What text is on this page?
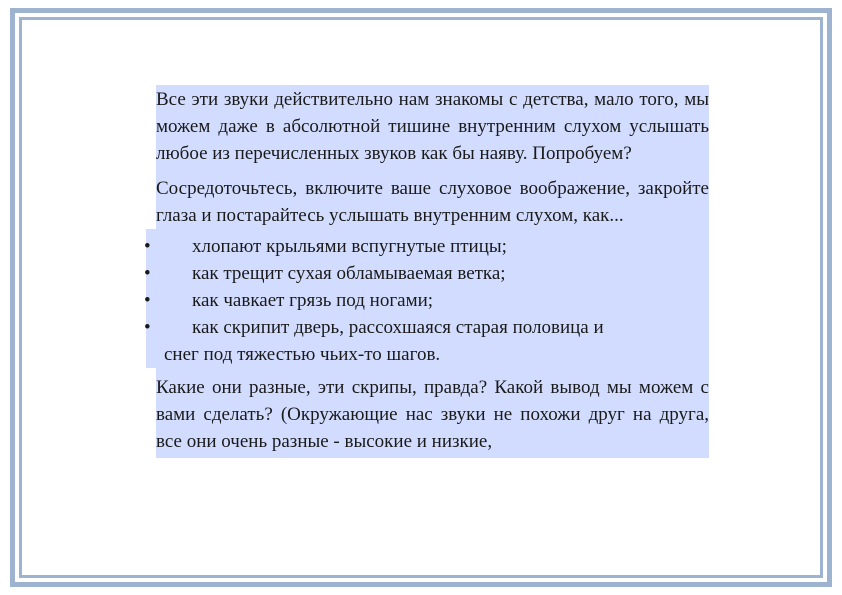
Все эти звуки действительно нам знакомы с детства, мало того, мы можем даже в абсолютной тишине внутренним слухом услышать любое из перечисленных звуков как бы наяву. Попробуем?

Сосредоточьтесь, включите ваше слуховое воображение, закройте глаза и постарайтесь услышать внутренним слухом, как...

• хлопают крыльями вспугнутые птицы;

• как трещит сухая обламываемая ветка;

• как чавкает грязь под ногами;

• как скрипит дверь, рассохшаяся старая половица и

снег под тяжестью чьих-то шагов.

Какие они разные, эти скрипы, правда? Какой вывод мы можем с вами сделать? (Окружающие нас звуки не похожи друг на друга, все они очень разные - высокие и низкие,
